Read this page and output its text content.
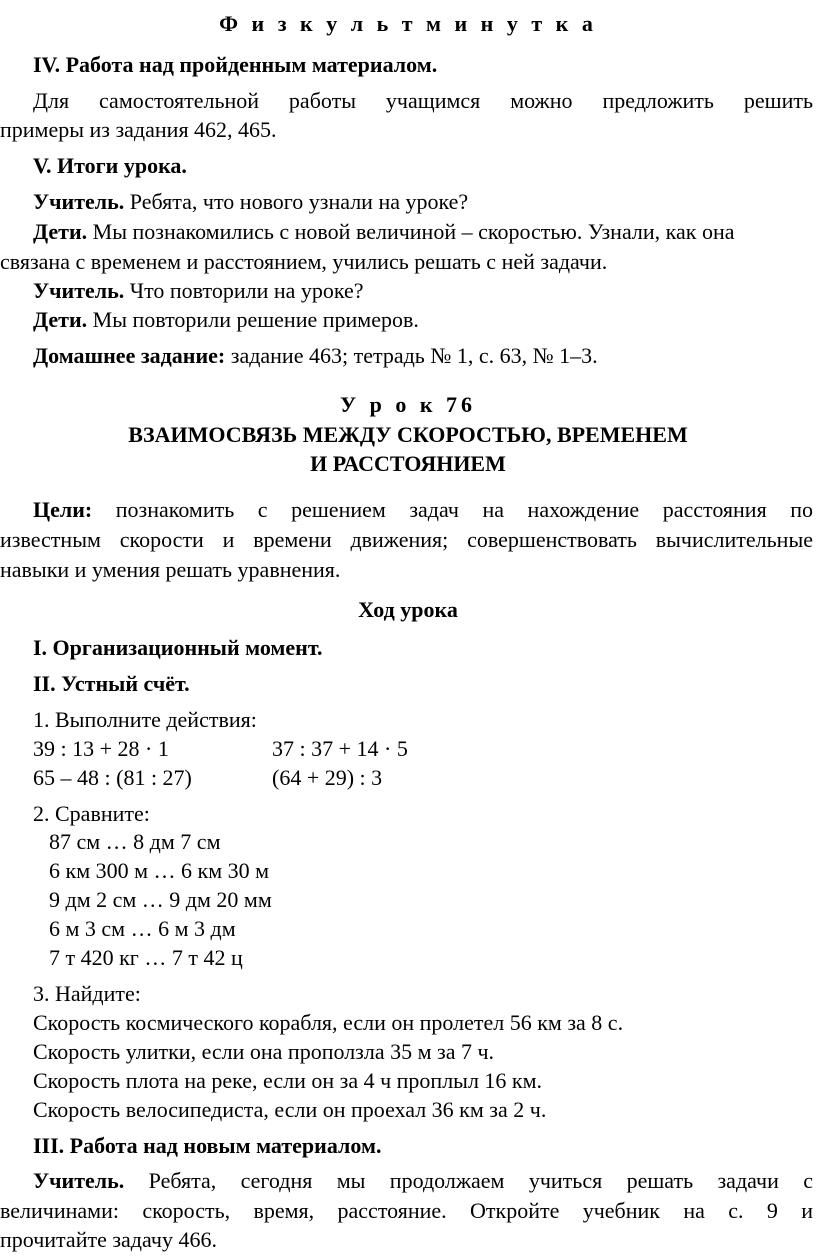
Ф и з к у л ь т м и н у т к а
IV. Работа над пройденным материалом.
Для самостоятельной работы учащимся можно предложить решить
примеры из задания 462, 465.
V. Итоги урока.
Учитель. Ребята, что нового узнали на уроке?
Дети. Мы познакомились с новой величиной – скоростью. Узнали, как она
связана с временем и расстоянием, учились решать с ней задачи.
Учитель. Что повторили на уроке?
Дети. Мы повторили решение примеров.
Домашнее задание: задание 463; тетрадь № 1, с. 63, № 1–3.
У р о к 76
ВЗАИМОСВЯЗЬ МЕЖДУ СКОРОСТЬЮ, ВРЕМЕНЕМ
И РАССТОЯНИЕМ
Цели: познакомить с решением задач на нахождение расстояния по
известным скорости и времени движения; совершенствовать вычислительные
навыки и умения решать уравнения.
Ход урока
I. Организационный момент.
II. Устный счёт.
1. Выполните действия:
39 : 13 + 28 · 1	37 : 37 + 14 · 5
65 – 48 : (81 : 27)	(64 + 29) : 3
2. Сравните:
87 см … 8 дм 7 см
6 км 300 м … 6 км 30 м
9 дм 2 см … 9 дм 20 мм
6 м 3 см … 6 м 3 дм
7 т 420 кг … 7 т 42 ц
3. Найдите:
Скорость космического корабля, если он пролетел 56 км за 8 с.
Скорость улитки, если она проползла 35 м за 7 ч.
Скорость плота на реке, если он за 4 ч проплыл 16 км.
Скорость велосипедиста, если он проехал 36 км за 2 ч.
III. Работа над новым материалом.
Учитель. Ребята, сегодня мы продолжаем учиться решать задачи с
величинами: скорость, время, расстояние. Откройте учебник на с. 9 и
прочитайте задачу 466.
